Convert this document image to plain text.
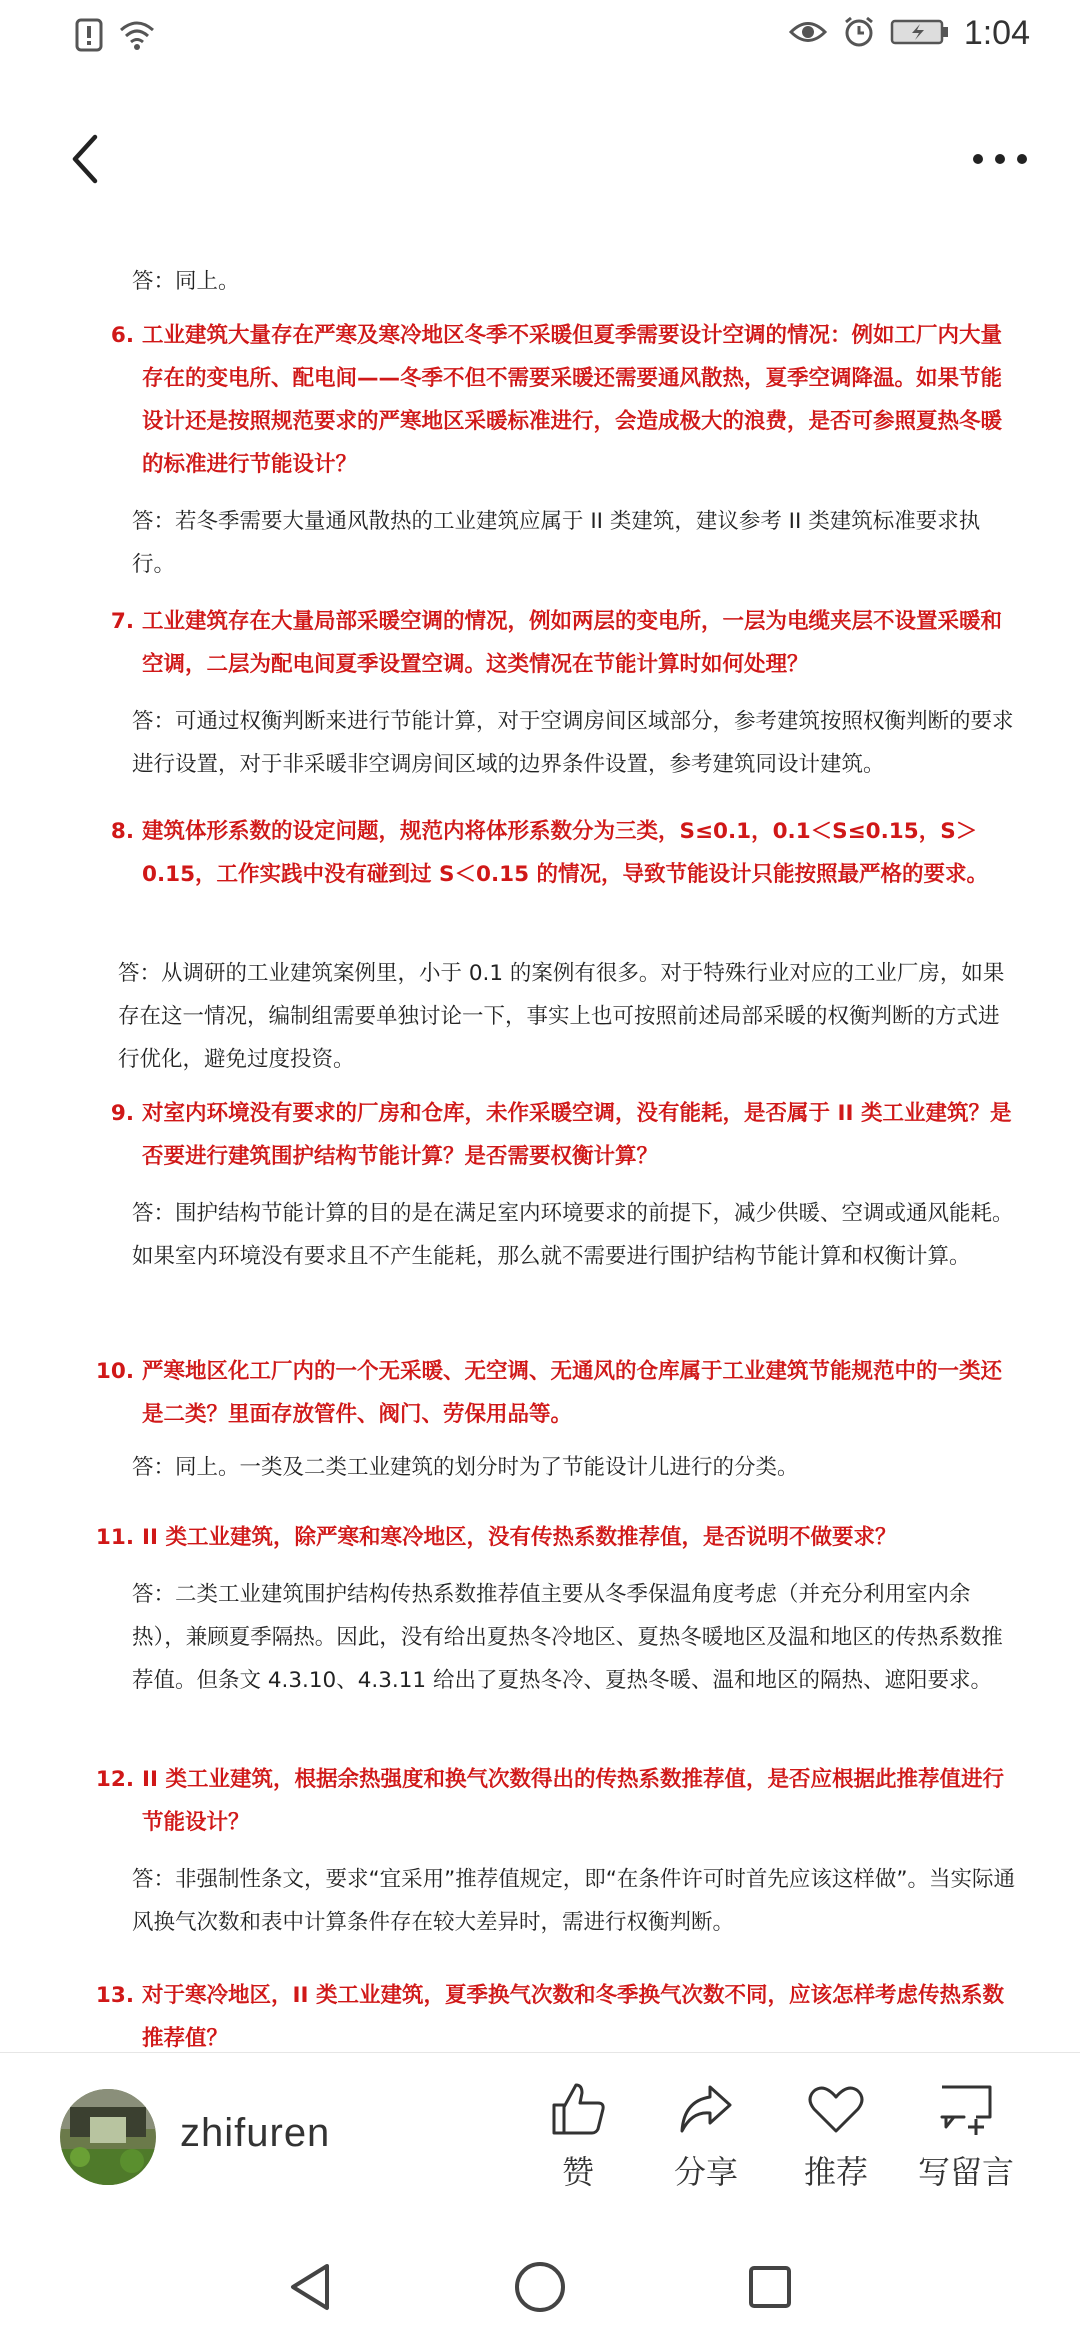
1:04
答：同上。
6. 工业建筑大量存在严寒及寒冷地区冬季不采暖但夏季需要设计空调的情况：例如工厂内大量存在的变电所、配电间——冬季不但不需要采暖还需要通风散热，夏季空调降温。如果节能设计还是按照规范要求的严寒地区采暖标准进行，会造成极大的浪费，是否可参照夏热冬暖的标准进行节能设计？
答：若冬季需要大量通风散热的工业建筑应属于 II 类建筑，建议参考 II 类建筑标准要求执行。
7. 工业建筑存在大量局部采暖空调的情况，例如两层的变电所，一层为电缆夹层不设置采暖和空调，二层为配电间夏季设置空调。这类情况在节能计算时如何处理？
答：可通过权衡判断来进行节能计算，对于空调房间区域部分，参考建筑按照权衡判断的要求进行设置，对于非采暖非空调房间区域的边界条件设置，参考建筑同设计建筑。
8. 建筑体形系数的设定问题，规范内将体形系数分为三类，S≤0.1，0.1＜S≤0.15，S＞0.15，工作实践中没有碰到过 S＜0.15 的情况，导致节能设计只能按照最严格的要求。
答：从调研的工业建筑案例里，小于 0.1 的案例有很多。对于特殊行业对应的工业厂房，如果存在这一情况，编制组需要单独讨论一下，事实上也可按照前述局部采暖的权衡判断的方式进行优化，避免过度投资。
9. 对室内环境没有要求的厂房和仓库，未作采暖空调，没有能耗，是否属于 II 类工业建筑？是否要进行建筑围护结构节能计算？是否需要权衡计算？
答：围护结构节能计算的目的是在满足室内环境要求的前提下，减少供暖、空调或通风能耗。如果室内环境没有要求且不产生能耗，那么就不需要进行围护结构节能计算和权衡计算。
10. 严寒地区化工厂内的一个无采暖、无空调、无通风的仓库属于工业建筑节能规范中的一类还是二类？里面存放管件、阀门、劳保用品等。
答：同上。一类及二类工业建筑的划分时为了节能设计儿进行的分类。
11. II 类工业建筑，除严寒和寒冷地区，没有传热系数推荐值，是否说明不做要求？
答：二类工业建筑围护结构传热系数推荐值主要从冬季保温角度考虑（并充分利用室内余热），兼顾夏季隔热。因此，没有给出夏热冬冷地区、夏热冬暖地区及温和地区的传热系数推荐值。但条文 4.3.10、4.3.11 给出了夏热冬冷、夏热冬暖、温和地区的隔热、遮阳要求。
12. II 类工业建筑，根据余热强度和换气次数得出的传热系数推荐值，是否应根据此推荐值进行节能设计？
答：非强制性条文，要求“宜采用”推荐值规定，即“在条件许可时首先应该这样做”。当实际通风换气次数和表中计算条件存在较大差异时，需进行权衡判断。
13. 对于寒冷地区，II 类工业建筑，夏季换气次数和冬季换气次数不同，应该怎样考虑传热系数推荐值？
zhifuren
赞	分享	推荐	写留言
